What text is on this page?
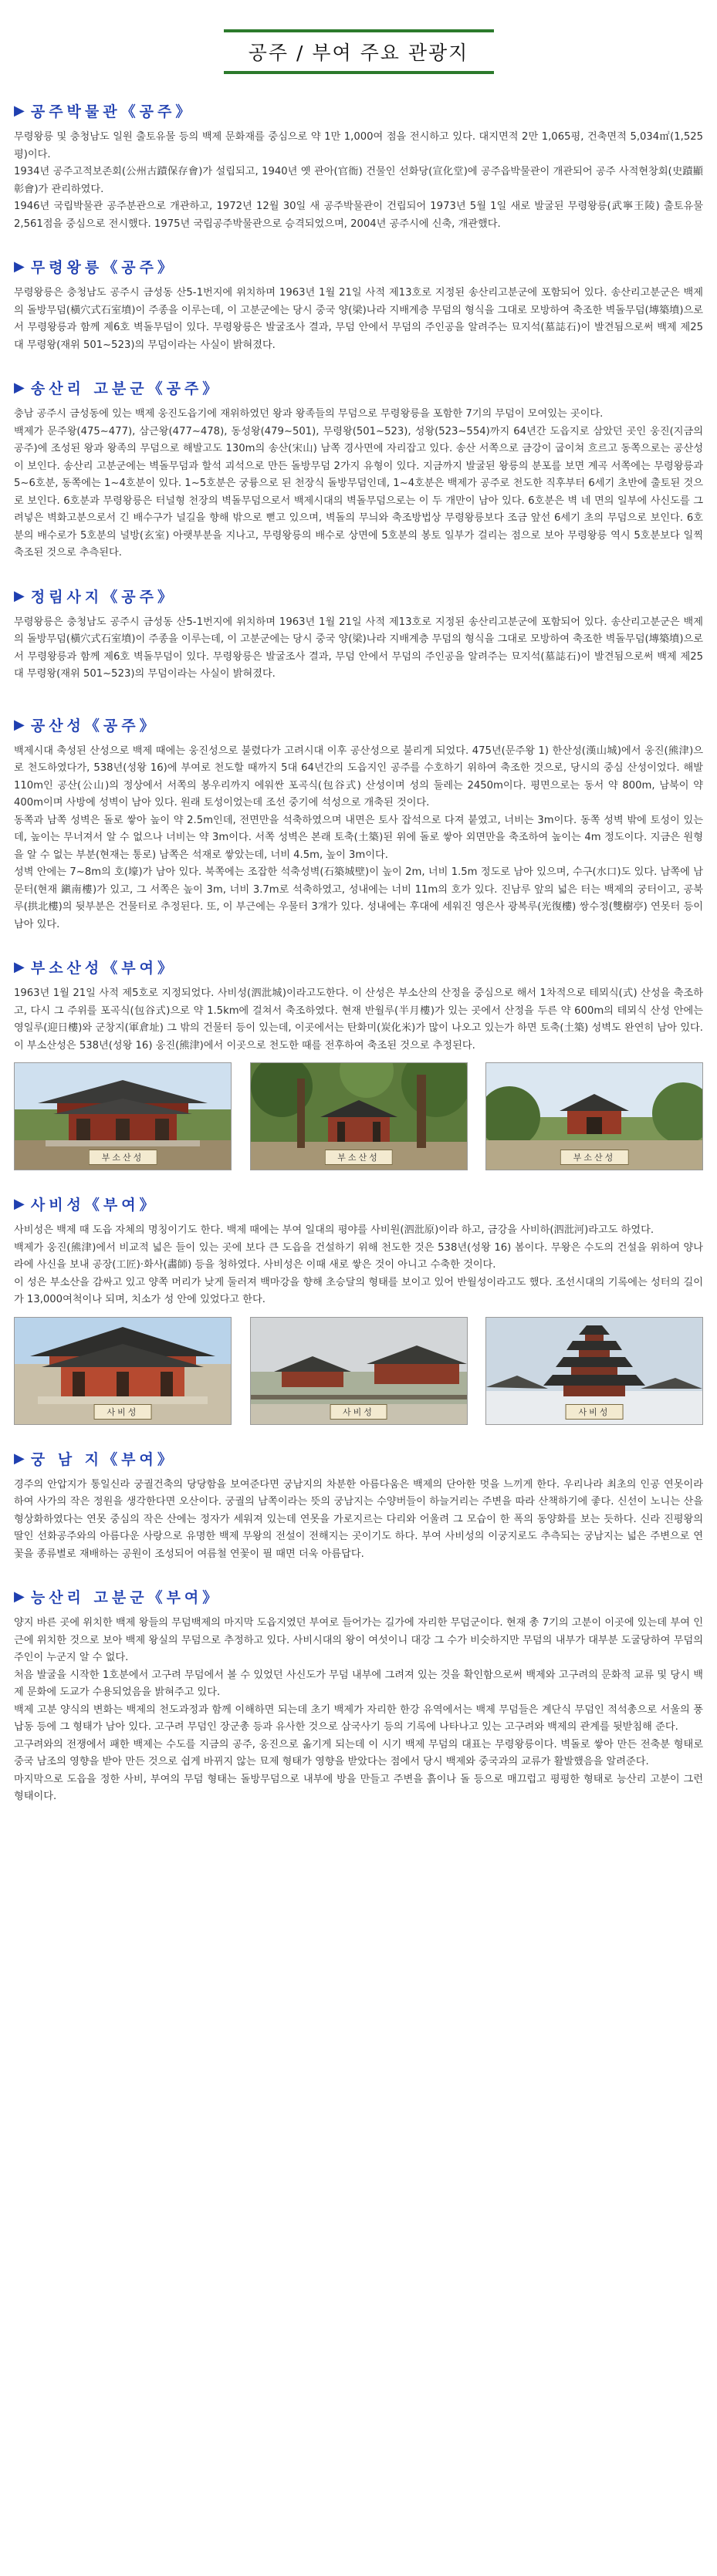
공주 / 부여 주요 관광지
▶ 공주박물관《공주》

무령왕릉 및 충청남도 일원 출토유물 등의 백제 문화재를 중심으로 약 1만 1,000여 점을 전시하고 있다. 대지면적 2만 1,065평, 건축면적 5,034㎡(1,525평)이다.

1934년 공주고적보존회(公州古蹟保存會)가 설립되고, 1940년 옛 관아(官衙) 건물인 선화당(宣化堂)에 공주읍박물관이 개관되어 공주 사적현창회(史蹟顯彰會)가 관리하였다.

1946년 국립박물관 공주분관으로 개관하고, 1972년 12월 30일 새 공주박물관이 건립되어 1973년 5월 1일 새로 발굴된 무령왕릉(武寧王陵) 출토유물 2,561점을 중심으로 전시했다. 1975년 국립공주박물관으로 승격되었으며, 2004년 공주시에 신축, 개관했다.

▶ 무령왕릉《공주》

무령왕릉은 충청남도 공주시 금성동 산5-1번지에 위치하며 1963년 1월 21일 사적 제13호로 지정된 송산리고분군에 포함되어 있다. 송산리고분군은 백제의 돌방무덤(橫穴式石室墳)이 주종을 이루는데, 이 고분군에는 당시 중국 양(梁)나라 지배계층 무덤의 형식을 그대로 모방하여 축조한 벽돌무덤(塼築墳)으로서 무령왕릉과 함께 제6호 벽돌무덤이 있다. 무령왕릉은 발굴조사 결과, 무덤 안에서 무덤의 주인공을 알려주는 묘지석(墓誌石)이 발견됨으로써 백제 제25대 무령왕(재위 501~523)의 무덤이라는 사실이 밝혀졌다.

▶ 송산리 고분군《공주》

충남 공주시 금성동에 있는 백제 웅진도읍기에 재위하였던 왕과 왕족들의 무덤으로 무령왕릉을 포함한 7기의 무덤이 모여있는 곳이다.

백제가 문주왕(475∼477), 삼근왕(477∼478), 동성왕(479∼501), 무령왕(501∼523), 성왕(523∼554)까지 64년간 도읍지로 삼았던 곳인 웅진(지금의 공주)에 조성된 왕과 왕족의 무덤으로 해발고도 130m의 송산(宋山) 남쪽 경사면에 자리잡고 있다. 송산 서쪽으로 금강이 굽이쳐 흐르고 동쪽으로는 공산성이 보인다. 송산리 고분군에는 벽돌무덤과 할석 괴석으로 만든 돌방무덤 2가지 유형이 있다. 지금까지 발굴된 왕릉의 분포를 보면 계곡 서쪽에는 무령왕릉과 5~6호분, 동쪽에는 1~4호분이 있다. 1~5호분은 궁륭으로 된 천장식 돌방무덤인데, 1~4호분은 백제가 공주로 천도한 직후부터 6세기 초반에 출토된 것으로 보인다. 6호분과 무령왕릉은 터널형 천장의 벽돌무덤으로서 백제시대의 벽돌무덤으로는 이 두 개만이 남아 있다. 6호분은 벽 네 면의 일부에 사신도를 그려넣은 벽화고분으로서 긴 배수구가 널길을 향해 밖으로 뻗고 있으며, 벽돌의 무늬와 축조방법상 무령왕릉보다 조금 앞선 6세기 초의 무덤으로 보인다. 6호분의 배수로가 5호분의 널방(玄室) 아랫부분을 지나고, 무령왕릉의 배수로 상면에 5호분의 봉토 일부가 걸리는 점으로 보아 무령왕릉 역시 5호분보다 일찍 축조된 것으로 추측된다.

▶ 정림사지《공주》

무령왕릉은 충청남도 공주시 금성동 산5-1번지에 위치하며 1963년 1월 21일 사적 제13호로 지정된 송산리고분군에 포함되어 있다. 송산리고분군은 백제의 돌방무덤(橫穴式石室墳)이 주종을 이루는데, 이 고분군에는 당시 중국 양(梁)나라 지배계층 무덤의 형식을 그대로 모방하여 축조한 벽돌무덤(塼築墳)으로서 무령왕릉과 함께 제6호 벽돌무덤이 있다. 무령왕릉은 발굴조사 결과, 무덤 안에서 무덤의 주인공을 알려주는 묘지석(墓誌石)이 발견됨으로써 백제 제25대 무령왕(재위 501~523)의 무덤이라는 사실이 밝혀졌다.

▶ 공산성《공주》

백제시대 축성된 산성으로 백제 때에는 웅진성으로 불렸다가 고려시대 이후 공산성으로 불리게 되었다. 475년(문주왕 1) 한산성(漢山城)에서 웅진(熊津)으로 천도하였다가, 538년(성왕 16)에 부여로 천도할 때까지 5대 64년간의 도읍지인 공주를 수호하기 위하여 축조한 것으로, 당시의 중심 산성이었다. 해발 110m인 공산(公山)의 정상에서 서쪽의 봉우리까지 에워싼 포곡식(包谷式) 산성이며 성의 둘레는 2450m이다. 평면으로는 동서 약 800m, 남북이 약 400m이며 사방에 성벽이 남아 있다. 원래 토성이었는데 조선 중기에 석성으로 개축된 것이다.

동쪽과 남쪽 성벽은 돌로 쌓아 높이 약 2.5m인데, 전면만을 석축하였으며 내면은 토사 잡석으로 다져 붙였고, 너비는 3m이다. 동쪽 성벽 밖에 토성이 있는데, 높이는 무너져서 알 수 없으나 너비는 약 3m이다. 서쪽 성벽은 본래 토축(土築)된 위에 돌로 쌓아 외면만을 축조하여 높이는 4m 정도이다. 지금은 원형을 알 수 없는 부분(현재는 통로) 남쪽은 석재로 쌓았는데, 너비 4.5m, 높이 3m이다.

성벽 안에는 7~8m의 호(壕)가 남아 있다. 북쪽에는 조잡한 석축성벽(石築城壁)이 높이 2m, 너비 1.5m 정도로 남아 있으며, 수구(水口)도 있다. 남쪽에 남문터(현재 鎭南樓)가 있고, 그 서쪽은 높이 3m, 너비 3.7m로 석축하였고, 성내에는 너비 11m의 호가 있다. 진남루 앞의 넓은 터는 백제의 궁터이고, 공북루(拱北樓)의 뒷부분은 건물터로 추정된다. 또, 이 부근에는 우물터 3개가 있다. 성내에는 후대에 세워진 영은사 광복루(光復樓) 쌍수정(雙樹亭) 연못터 등이 남아 있다.

▶ 부소산성《부여》

1963년 1월 21일 사적 제5호로 지정되었다. 사비성(泗沘城)이라고도한다. 이 산성은 부소산의 산정을 중심으로 해서 1차적으로 테뫼식(式) 산성을 축조하고, 다시 그 주위를 포곡식(包谷式)으로 약 1.5km에 걸쳐서 축조하였다. 현재 반월루(半月樓)가 있는 곳에서 산정을 두른 약 600m의 테뫼식 산성 안에는 영일루(迎日樓)와 군창지(軍倉址) 그 밖의 건물터 등이 있는데, 이곳에서는 탄화미(炭化米)가 많이 나오고 있는가 하면 토축(土築) 성벽도 완연히 남아 있다. 이 부소산성은 538년(성왕 16) 웅진(熊津)에서 이곳으로 천도한 때를 전후하여 축조된 것으로 추정된다.

부소산성	부소산성	부소산성
▶ 사비성《부여》

사비성은 백제 때 도읍 자체의 명칭이기도 한다. 백제 때에는 부여 일대의 평야를 사비원(泗沘原)이라 하고, 금강을 사비하(泗沘河)라고도 하였다.

백제가 웅진(熊津)에서 비교적 넓은 들이 있는 곳에 보다 큰 도읍을 건설하기 위해 천도한 것은 538년(성왕 16) 봄이다. 무왕은 수도의 건설을 위하여 양나라에 사신을 보내 공장(工匠)·화사(畵師) 등을 청하였다. 사비성은 이때 새로 쌓은 것이 아니고 수축한 것이다.

이 성은 부소산을 감싸고 있고 양쪽 머리가 낮게 둘러져 백마강을 향해 초승달의 형태를 보이고 있어 반월성이라고도 했다. 조선시대의 기록에는 성터의 길이가 13,000여척이나 되며, 치소가 성 안에 있었다고 한다.

사비성	사비성	사비성
▶ 궁 남 지《부여》

경주의 안압지가 통일신라 궁궐건축의 당당함을 보여준다면 궁남지의 차분한 아름다움은 백제의 단아한 멋을 느끼게 한다. 우리나라 최초의 인공 연못이라 하여 사가의 작은 정원을 생각한다면 오산이다. 궁궐의 남쪽이라는 뜻의 궁남지는 수양버들이 하늘거리는 주변을 따라 산책하기에 좋다. 신선이 노니는 산을 형상화하였다는 연못 중심의 작은 산에는 정자가 세워져 있는데 연못을 가로지르는 다리와 어울려 그 모습이 한 폭의 동양화를 보는 듯하다. 신라 진평왕의 딸인 선화공주와의 아름다운 사랑으로 유명한 백제 무왕의 전설이 전해지는 곳이기도 하다. 부여 사비성의 이궁지로도 추측되는 궁남지는 넓은 주변으로 연꽃을 종류별로 재배하는 공원이 조성되어 여름철 연꽃이 필 때면 더욱 아름답다.

▶ 능산리 고분군《부여》

양지 바른 곳에 위치한 백제 왕들의 무덤백제의 마지막 도읍지였던 부여로 들어가는 길가에 자리한 무덤군이다. 현재 총 7기의 고분이 이곳에 있는데 부여 인근에 위치한 것으로 보아 백제 왕실의 무덤으로 추정하고 있다. 사비시대의 왕이 여섯이니 대강 그 수가 비슷하지만 무덤의 내부가 대부분 도굴당하여 무덤의 주인이 누군지 알 수 없다.

처음 발굴을 시작한 1호분에서 고구려 무덤에서 볼 수 있었던 사신도가 무덤 내부에 그려져 있는 것을 확인함으로써 백제와 고구려의 문화적 교류 및 당시 백제 문화에 도교가 수용되었음을 밝혀주고 있다.

백제 고분 양식의 변화는 백제의 천도과정과 함께 이해하면 되는데 초기 백제가 자리한 한강 유역에서는 백제 무덤들은 계단식 무덤인 적석총으로 서울의 풍납동 등에 그 형태가 남아 있다. 고구려 무덤인 장군총 등과 유사한 것으로 삼국사기 등의 기록에 나타나고 있는 고구려와 백제의 관계를 뒷받침해 준다.

고구려와의 전쟁에서 패한 백제는 수도를 지금의 공주, 웅진으로 옮기게 되는데 이 시기 백제 무덤의 대표는 무령왕릉이다. 벽돌로 쌓아 만든 전축분 형태로 중국 남조의 영향을 받아 만든 것으로 쉽게 바뀌지 않는 묘제 형태가 영향을 받았다는 점에서 당시 백제와 중국과의 교류가 활발했음을 알려준다.

마지막으로 도읍을 정한 사비, 부여의 무덤 형태는 돌방무덤으로 내부에 방을 만들고 주변을 흙이나 돌 등으로 매끄럽고 평평한 형태로 능산리 고분이 그런 형태이다.
